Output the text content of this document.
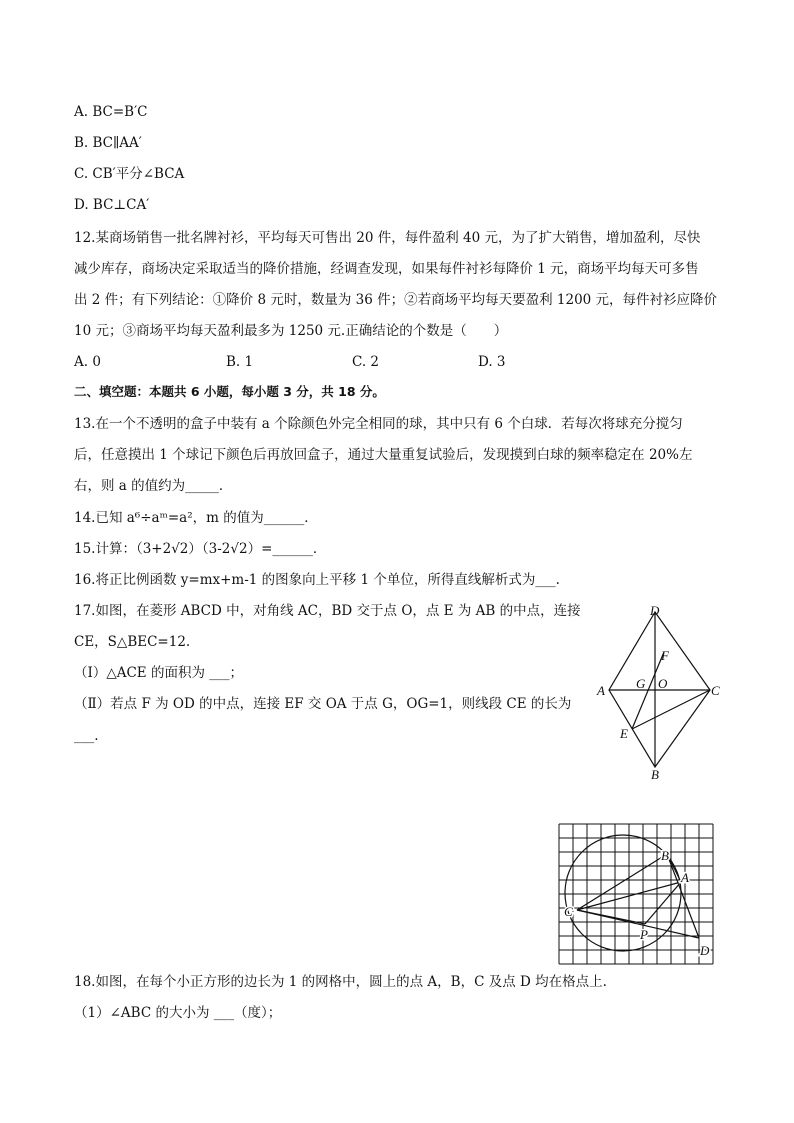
A. BC=B′C
B. BC∥AA′
C. CB′平分∠BCA
D. BC⊥CA′
12.某商场销售一批名牌衬衫，平均每天可售出 20 件，每件盈利 40 元，为了扩大销售，增加盈利，尽快
减少库存，商场决定采取适当的降价措施，经调查发现，如果每件衬衫每降价 1 元，商场平均每天可多售
出 2 件；有下列结论：①降价 8 元时，数量为 36 件；②若商场平均每天要盈利 1200 元，每件衬衫应降价
10 元；③商场平均每天盈利最多为 1250 元.正确结论的个数是（　　）
A. 0	B. 1	C. 2	D. 3
二、填空题：本题共 6 小题，每小题 3 分，共 18 分。
13.在一个不透明的盒子中装有 a 个除颜色外完全相同的球，其中只有 6 个白球．若每次将球充分搅匀
后，任意摸出 1 个球记下颜色后再放回盒子，通过大量重复试验后，发现摸到白球的频率稳定在 20%左
右，则 a 的值约为_____．
14.已知 a⁶÷aᵐ=a²，m 的值为______．
15.计算：（3+2√2）（3-2√2）=______．
16.将正比例函数 y=mx+m-1 的图象向上平移 1 个单位，所得直线解析式为___.
17.如图，在菱形 ABCD 中，对角线 AC，BD 交于点 O，点 E 为 AB 的中点，连接
CE，S△BEC=12.
（Ⅰ）△ACE 的面积为 ___；
（Ⅱ）若点 F 为 OD 的中点，连接 EF 交 OA 于点 G，OG=1，则线段 CE 的长为
___.
D
F
A G O	C
E
B
B
A
C
P
D
18.如图，在每个小正方形的边长为 1 的网格中，圆上的点 A，B，C 及点 D 均在格点上.
（1）∠ABC 的大小为 ___（度）；
